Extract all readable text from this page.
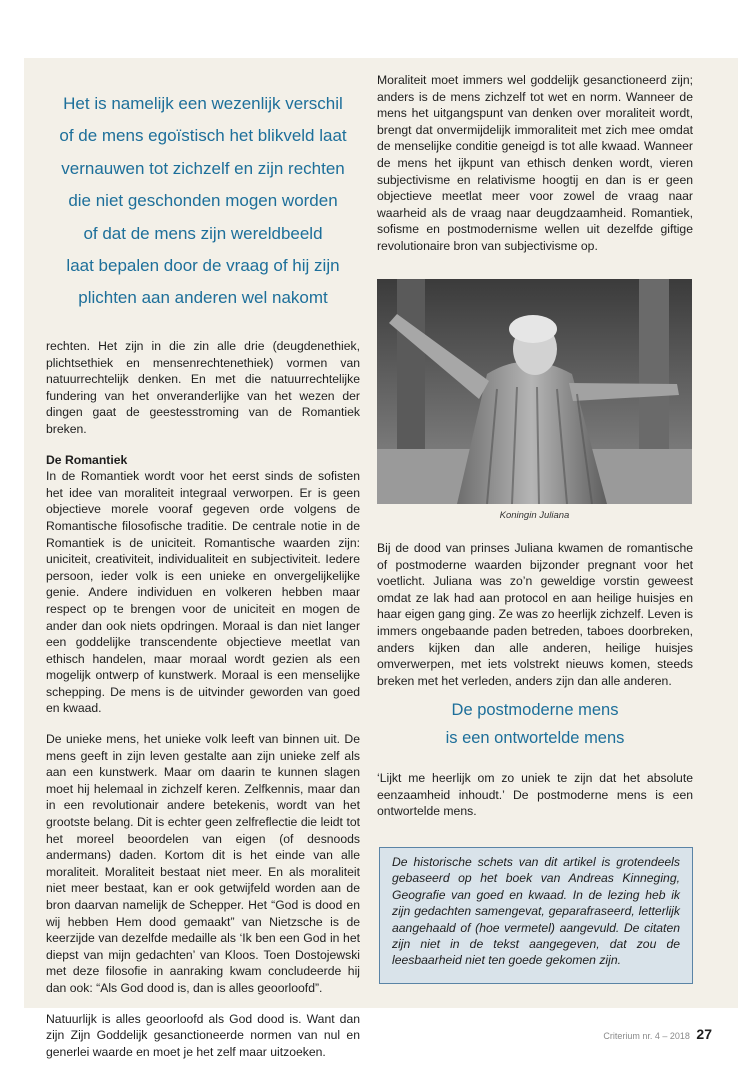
Het is namelijk een wezenlijk verschil
of de mens egoïstisch het blikveld laat
vernauwen tot zichzelf en zijn rechten
die niet geschonden mogen worden
of dat de mens zijn wereldbeeld
laat bepalen door de vraag of hij zijn
plichten aan anderen wel nakomt

rechten. Het zijn in die zin alle drie (deugdenethiek, plichtsethiek en mensenrechtenethiek) vormen van natuurrechtelijk denken. En met die natuurrechtelijke fundering van het onveranderlijke van het wezen der dingen gaat de geestesstroming van de Romantiek breken.

De Romantiek

In de Romantiek wordt voor het eerst sinds de sofisten het idee van moraliteit integraal verworpen. Er is geen objectieve morele vooraf gegeven orde volgens de Romantische filosofische traditie. De centrale notie in de Romantiek is de uniciteit. Romantische waarden zijn: uniciteit, creativiteit, individualiteit en subjectiviteit. Iedere persoon, ieder volk is een unieke en onvergelijkelijke genie. Andere individuen en volkeren hebben maar respect op te brengen voor de uniciteit en mogen de ander dan ook niets opdringen. Moraal is dan niet langer een goddelijke transcendente objectieve meetlat van ethisch handelen, maar moraal wordt gezien als een mogelijk ontwerp of kunstwerk. Moraal is een menselijke schepping. De mens is de uitvinder geworden van goed en kwaad.

De unieke mens, het unieke volk leeft van binnen uit. De mens geeft in zijn leven gestalte aan zijn unieke zelf als aan een kunstwerk. Maar om daarin te kunnen slagen moet hij helemaal in zichzelf keren. Zelfkennis, maar dan in een revolutionair andere betekenis, wordt van het grootste belang. Dit is echter geen zelfreflectie die leidt tot het moreel beoordelen van eigen (of desnoods andermans) daden. Kortom dit is het einde van alle moraliteit. Moraliteit bestaat niet meer. En als moraliteit niet meer bestaat, kan er ook getwijfeld worden aan de bron daarvan namelijk de Schepper. Het “God is dood en wij hebben Hem dood gemaakt” van Nietzsche is de keerzijde van dezelfde medaille als ‘Ik ben een God in het diepst van mijn gedachten’ van Kloos. Toen Dostojewski met deze filosofie in aanraking kwam concludeerde hij dan ook: “Als God dood is, dan is alles geoorloofd”.

Natuurlijk is alles geoorloofd als God dood is. Want dan zijn Zijn Goddelijk gesanctioneerde normen van nul en generlei waarde en moet je het zelf maar uitzoeken.

Moraliteit moet immers wel goddelijk gesanctioneerd zijn; anders is de mens zichzelf tot wet en norm. Wanneer de mens het uitgangspunt van denken over moraliteit wordt, brengt dat onvermijdelijk immoraliteit met zich mee omdat de menselijke conditie geneigd is tot alle kwaad. Wanneer de mens het ijkpunt van ethisch denken wordt, vieren subjectivisme en relativisme hoogtij en dan is er geen objectieve meetlat meer voor zowel de vraag naar waarheid als de vraag naar deugdzaamheid. Romantiek, sofisme en postmodernisme wellen uit dezelfde giftige revolutionaire bron van subjectivisme op.

Koningin Juliana

Bij de dood van prinses Juliana kwamen de romantische of postmoderne waarden bijzonder pregnant voor het voetlicht. Juliana was zo’n geweldige vorstin geweest omdat ze lak had aan protocol en aan heilige huisjes en haar eigen gang ging. Ze was zo heerlijk zichzelf. Leven is immers ongebaande paden betreden, taboes doorbreken, anders kijken dan alle anderen, heilige huisjes omverwerpen, met iets volstrekt nieuws komen, steeds breken met het verleden, anders zijn dan alle anderen.

De postmoderne mens
is een ontwortelde mens

‘Lijkt me heerlijk om zo uniek te zijn dat het absolute eenzaamheid inhoudt.’ De postmoderne mens is een ontwortelde mens.

De historische schets van dit artikel is grotendeels gebaseerd op het boek van Andreas Kinneging, Geografie van goed en kwaad. In de lezing heb ik zijn gedachten samengevat, geparafraseerd, letterlijk aangehaald of (hoe vermetel) aangevuld. De citaten zijn niet in de tekst aangegeven, dat zou de leesbaarheid niet ten goede gekomen zijn.
Criterium nr. 4 – 2018 27
